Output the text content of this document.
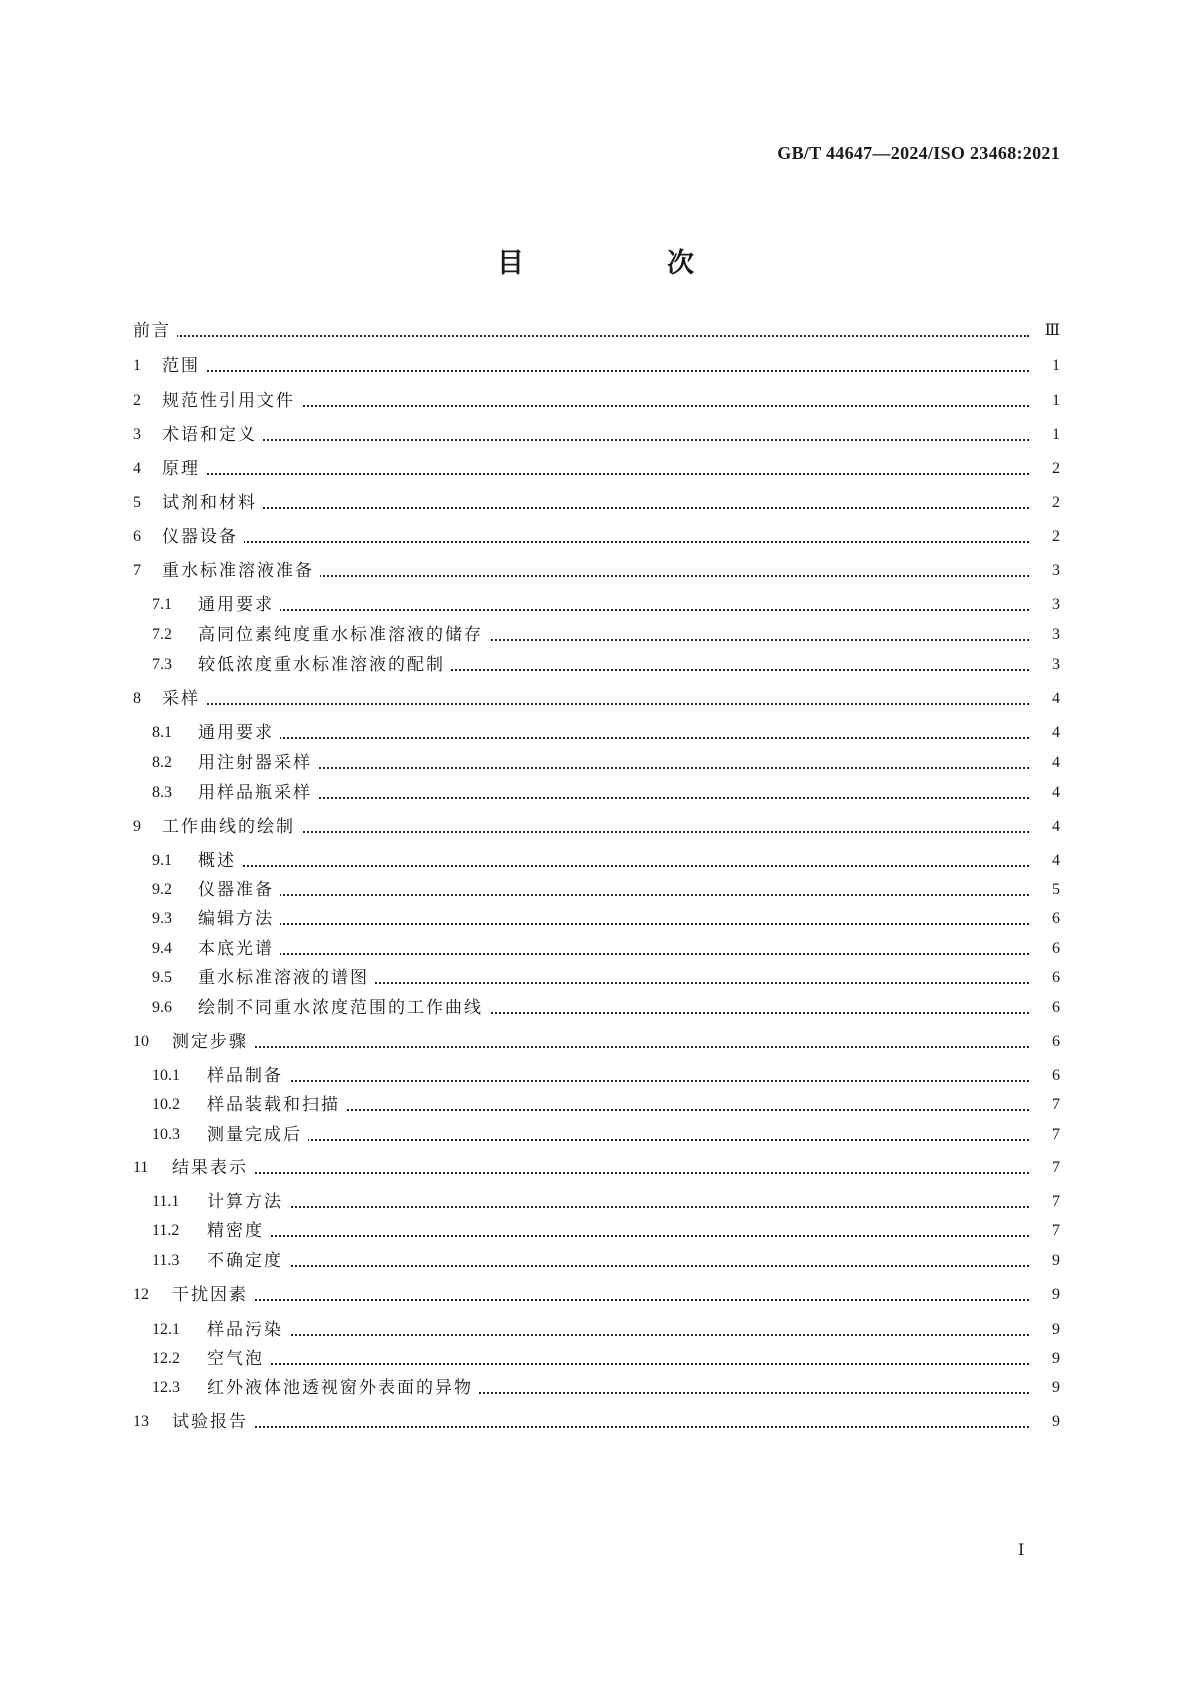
GB/T 44647—2024/ISO 23468:2021
目　次
前言	Ⅲ
1 范围	1
2 规范性引用文件	1
3 术语和定义	1
4 原理	2
5 试剂和材料	2
6 仪器设备	2
7 重水标准溶液准备	3
7.1 通用要求	3
7.2 高同位素纯度重水标准溶液的储存	3
7.3 较低浓度重水标准溶液的配制	3
8 采样	4
8.1 通用要求	4
8.2 用注射器采样	4
8.3 用样品瓶采样	4
9 工作曲线的绘制	4
9.1 概述	4
9.2 仪器准备	5
9.3 编辑方法	6
9.4 本底光谱	6
9.5 重水标准溶液的谱图	6
9.6 绘制不同重水浓度范围的工作曲线	6
10 测定步骤	6
10.1 样品制备	6
10.2 样品装载和扫描	7
10.3 测量完成后	7
11 结果表示	7
11.1 计算方法	7
11.2 精密度	7
11.3 不确定度	9
12 干扰因素	9
12.1 样品污染	9
12.2 空气泡	9
12.3 红外液体池透视窗外表面的异物	9
13 试验报告	9
Ⅰ
